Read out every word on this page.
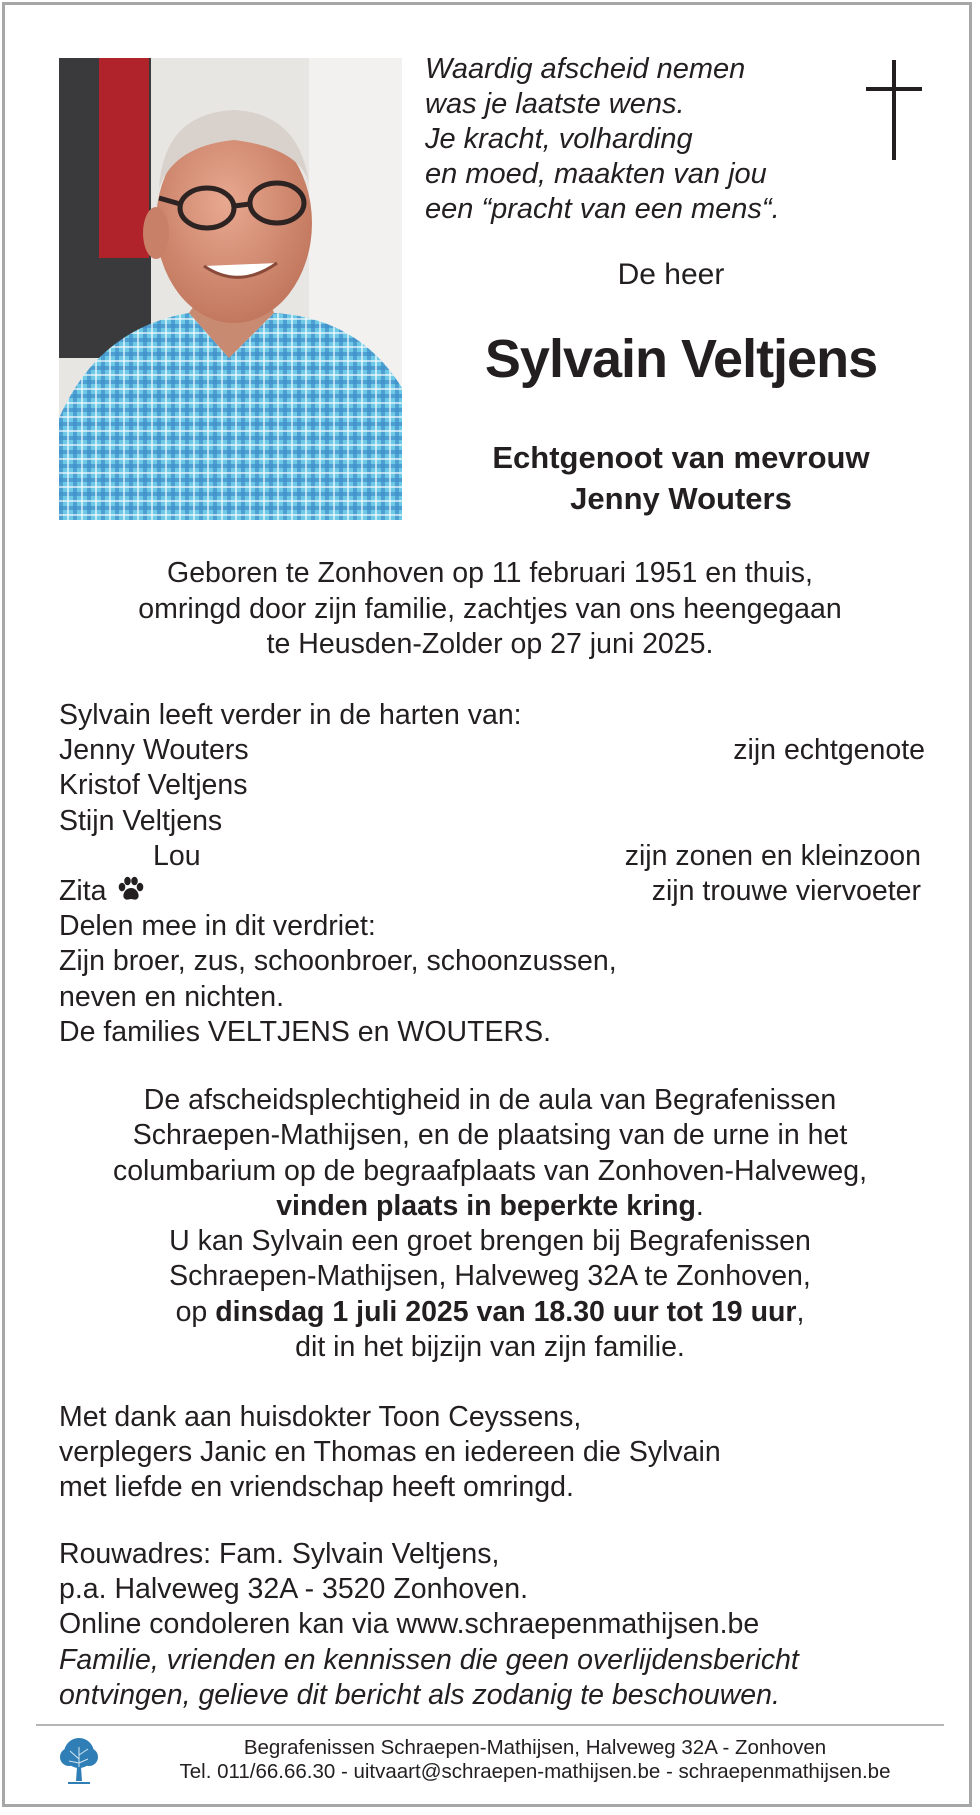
Waardig afscheid nemen
was je laatste wens.
Je kracht, volharding
en moed, maakten van jou
een “pracht van een mens“.
De heer
Sylvain Veltjens
Echtgenoot van mevrouw
Jenny Wouters
Geboren te Zonhoven op 11 februari 1951 en thuis,
omringd door zijn familie, zachtjes van ons heengegaan
te Heusden-Zolder op 27 juni 2025.
Sylvain leeft verder in de harten van:
Jenny Wouters	zijn echtgenote
Kristof Veltjens
Stijn Veltjens
Lou	zijn zonen en kleinzoon
Zita	zijn trouwe viervoeter
Delen mee in dit verdriet:
Zijn broer, zus, schoonbroer, schoonzussen,
neven en nichten.
De families VELTJENS en WOUTERS.
De afscheidsplechtigheid in de aula van Begrafenissen
Schraepen-Mathijsen, en de plaatsing van de urne in het
columbarium op de begraafplaats van Zonhoven-Halveweg,
vinden plaats in beperkte kring.
U kan Sylvain een groet brengen bij Begrafenissen
Schraepen-Mathijsen, Halveweg 32A te Zonhoven,
op dinsdag 1 juli 2025 van 18.30 uur tot 19 uur,
dit in het bijzijn van zijn familie.
Met dank aan huisdokter Toon Ceyssens,
verplegers Janic en Thomas en iedereen die Sylvain
met liefde en vriendschap heeft omringd.
Rouwadres: Fam. Sylvain Veltjens,
p.a. Halveweg 32A - 3520 Zonhoven.
Online condoleren kan via www.schraepenmathijsen.be
Familie, vrienden en kennissen die geen overlijdensbericht
ontvingen, gelieve dit bericht als zodanig te beschouwen.
Begrafenissen Schraepen-Mathijsen, Halveweg 32A - Zonhoven
Tel. 011/66.66.30 - uitvaart@schraepen-mathijsen.be - schraepenmathijsen.be
